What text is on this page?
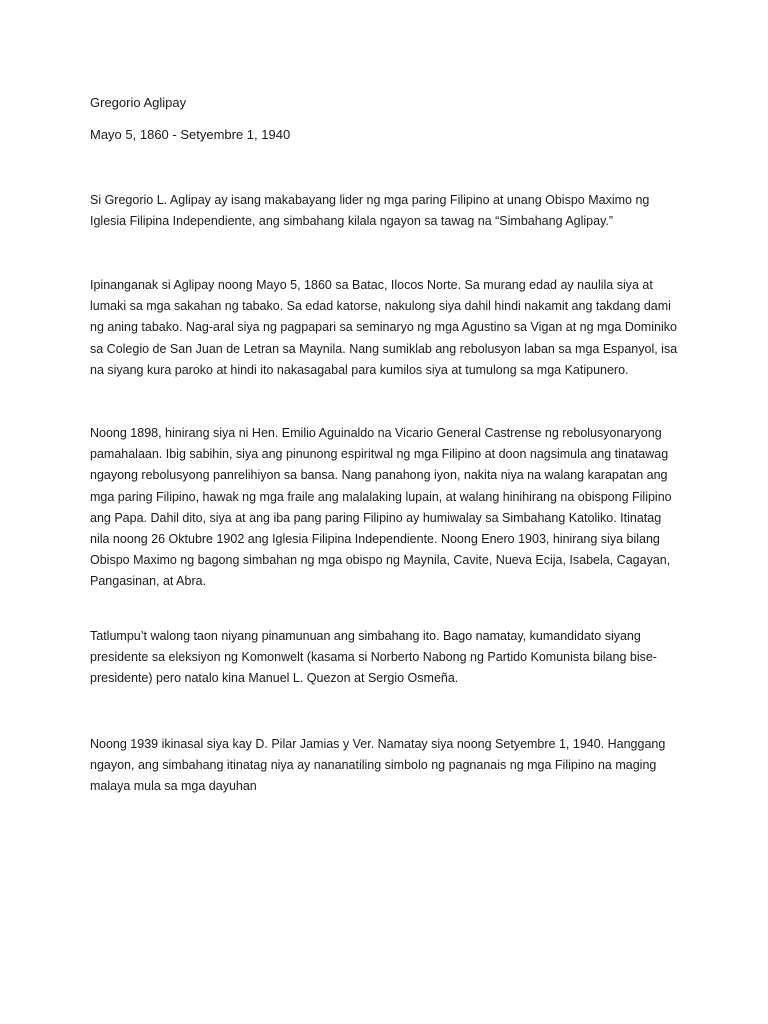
Gregorio Aglipay

Mayo 5, 1860 - Setyembre 1, 1940

Si Gregorio L. Aglipay ay isang makabayang lider ng mga paring Filipino at unang Obispo Maximo ng
Iglesia Filipina Independiente, ang simbahang kilala ngayon sa tawag na “Simbahang Aglipay.”

Ipinanganak si Aglipay noong Mayo 5, 1860 sa Batac, Ilocos Norte. Sa murang edad ay naulila siya at
lumaki sa mga sakahan ng tabako. Sa edad katorse, nakulong siya dahil hindi nakamit ang takdang dami
ng aning tabako. Nag-aral siya ng pagpapari sa seminaryo ng mga Agustino sa Vigan at ng mga Dominiko
sa Colegio de San Juan de Letran sa Maynila. Nang sumiklab ang rebolusyon laban sa mga Espanyol, isa
na siyang kura paroko at hindi ito nakasagabal para kumilos siya at tumulong sa mga Katipunero.

Noong 1898, hinirang siya ni Hen. Emilio Aguinaldo na Vicario General Castrense ng rebolusyonaryong
pamahalaan. Ibig sabihin, siya ang pinunong espiritwal ng mga Filipino at doon nagsimula ang tinatawag
ngayong rebolusyong panrelihiyon sa bansa. Nang panahong iyon, nakita niya na walang karapatan ang
mga paring Filipino, hawak ng mga fraile ang malalaking lupain, at walang hinihirang na obispong Filipino
ang Papa. Dahil dito, siya at ang iba pang paring Filipino ay humiwalay sa Simbahang Katoliko. Itinatag
nila noong 26 Oktubre 1902 ang Iglesia Filipina Independiente. Noong Enero 1903, hinirang siya bilang
Obispo Maximo ng bagong simbahan ng mga obispo ng Maynila, Cavite, Nueva Ecija, Isabela, Cagayan,
Pangasinan, at Abra.

Tatlumpu’t walong taon niyang pinamunuan ang simbahang ito. Bago namatay, kumandidato siyang
presidente sa eleksiyon ng Komonwelt (kasama si Norberto Nabong ng Partido Komunista bilang bise-
presidente) pero natalo kina Manuel L. Quezon at Sergio Osmeña.

Noong 1939 ikinasal siya kay D. Pilar Jamias y Ver. Namatay siya noong Setyembre 1, 1940. Hanggang
ngayon, ang simbahang itinatag niya ay nananatiling simbolo ng pagnanais ng mga Filipino na maging
malaya mula sa mga dayuhan
